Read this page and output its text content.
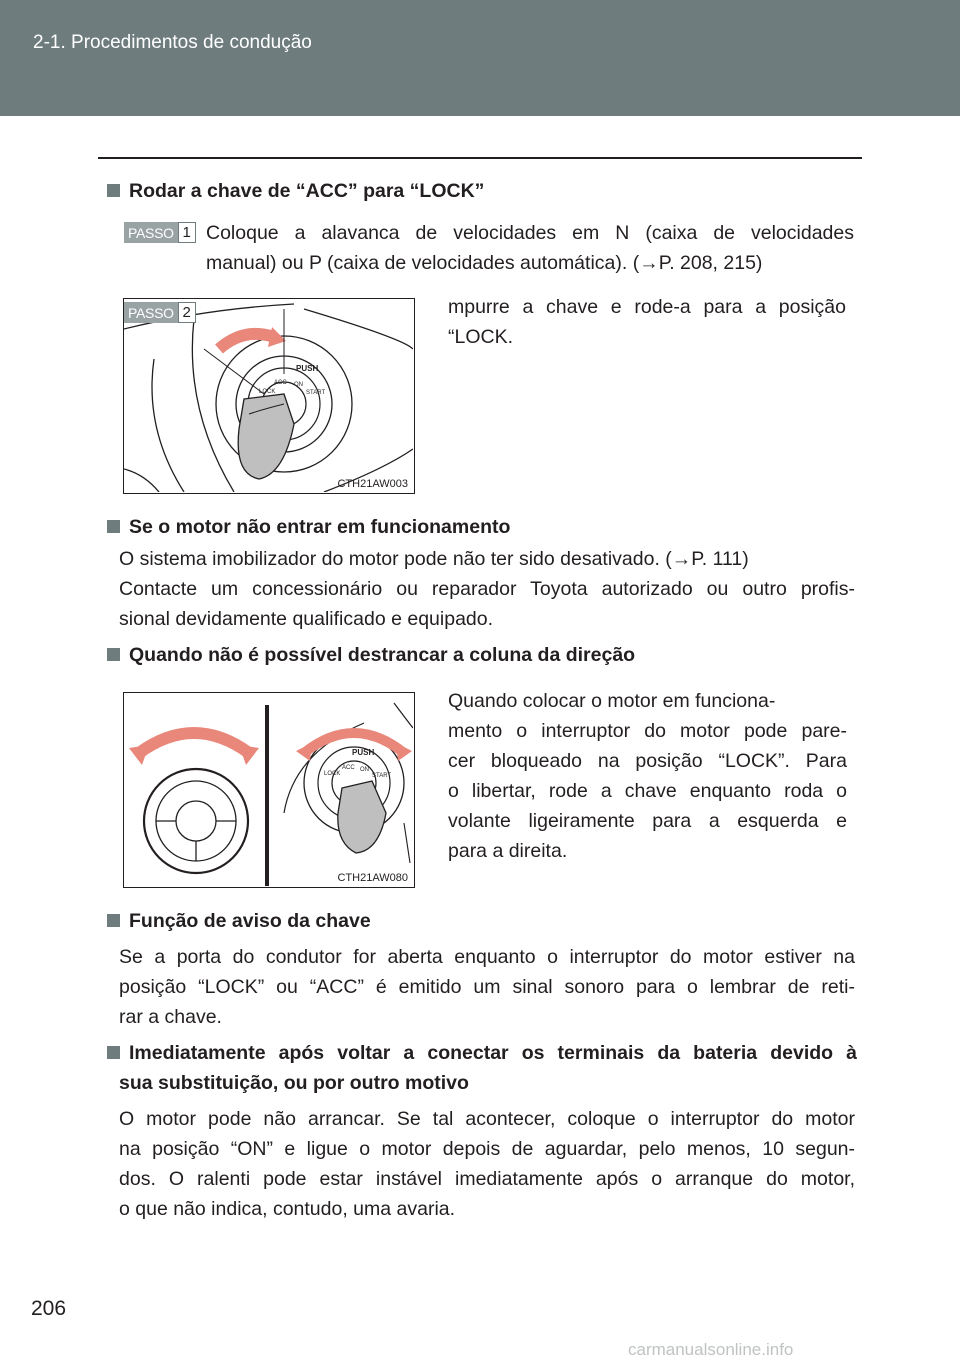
2-1. Procedimentos de condução
Rodar a chave de “ACC” para “LOCK”
PASSO 1 Coloque a alavanca de velocidades em N (caixa de velocidades
manual) ou P (caixa de velocidades automática). (→P. 208, 215)
PUSH
LOCK
ACC ON
START
CTH21AW003
PASSO 2	mpurre a chave e rode-a para a posição
“LOCK.
Se o motor não entrar em funcionamento
O sistema imobilizador do motor pode não ter sido desativado. (→P. 111)
Contacte um concessionário ou reparador Toyota autorizado ou outro profis-
sional devidamente qualificado e equipado.
Quando não é possível destrancar a coluna da direção
PUSH
LOCK
ACC ON
START
CTH21AW080
Quando colocar o motor em funciona-
mento o interruptor do motor pode pare-
cer bloqueado na posição “LOCK”. Para
o libertar, rode a chave enquanto roda o
volante ligeiramente para a esquerda e
para a direita.
Função de aviso da chave
Se a porta do condutor for aberta enquanto o interruptor do motor estiver na
posição “LOCK” ou “ACC” é emitido um sinal sonoro para o lembrar de reti-
rar a chave.
Imediatamente após voltar a conectar os terminais da bateria devido à
sua substituição, ou por outro motivo
O motor pode não arrancar. Se tal acontecer, coloque o interruptor do motor
na posição “ON” e ligue o motor depois de aguardar, pelo menos, 10 segun-
dos. O ralenti pode estar instável imediatamente após o arranque do motor,
o que não indica, contudo, uma avaria.
206
carmanualsonline.info
